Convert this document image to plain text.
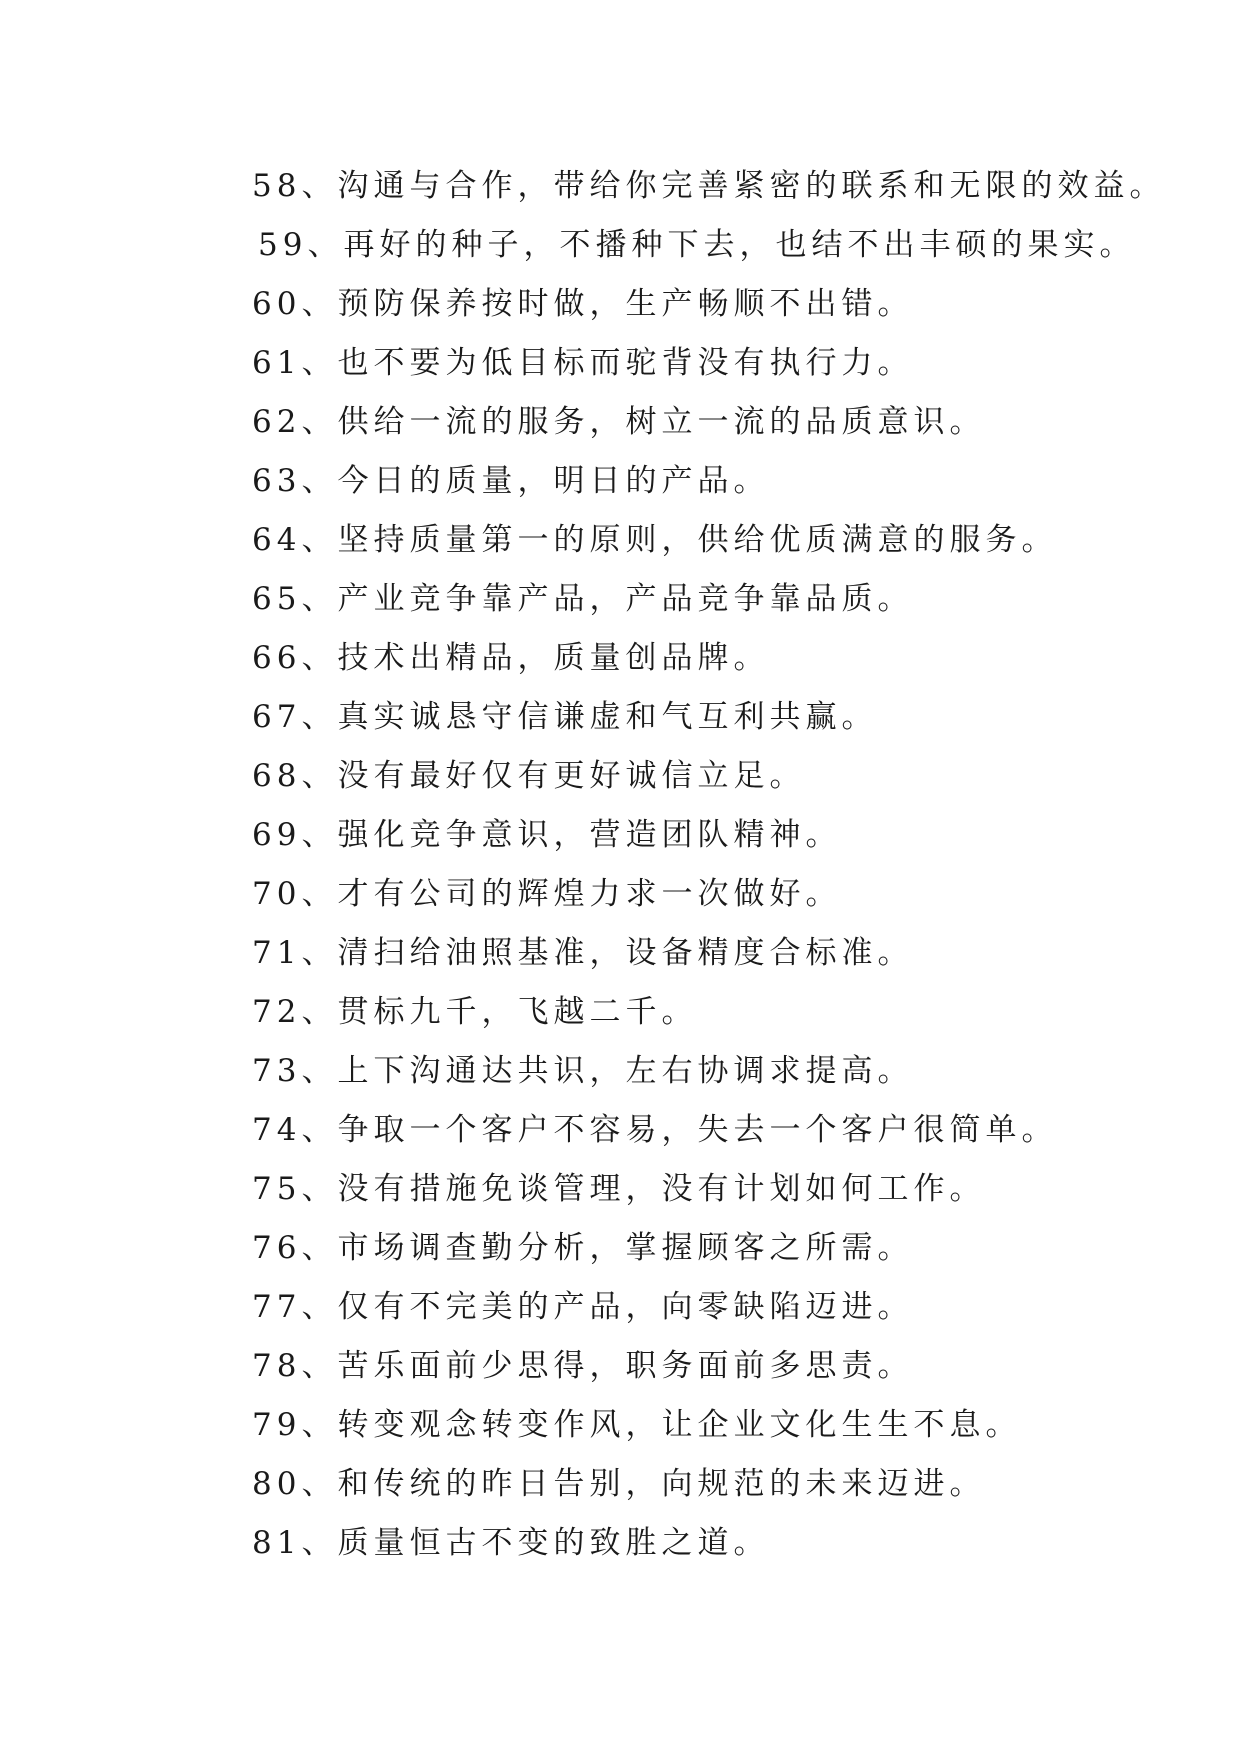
58、沟通与合作，带给你完善紧密的联系和无限的效益。
59、再好的种子，不播种下去，也结不出丰硕的果实。
60、预防保养按时做，生产畅顺不出错。
61、也不要为低目标而驼背没有执行力。
62、供给一流的服务，树立一流的品质意识。
63、今日的质量，明日的产品。
64、坚持质量第一的原则，供给优质满意的服务。
65、产业竞争靠产品，产品竞争靠品质。
66、技术出精品，质量创品牌。
67、真实诚恳守信谦虚和气互利共赢。
68、没有最好仅有更好诚信立足。
69、强化竞争意识，营造团队精神。
70、才有公司的辉煌力求一次做好。
71、清扫给油照基准，设备精度合标准。
72、贯标九千，飞越二千。
73、上下沟通达共识，左右协调求提高。
74、争取一个客户不容易，失去一个客户很简单。
75、没有措施免谈管理，没有计划如何工作。
76、市场调查勤分析，掌握顾客之所需。
77、仅有不完美的产品，向零缺陷迈进。
78、苦乐面前少思得，职务面前多思责。
79、转变观念转变作风，让企业文化生生不息。
80、和传统的昨日告别，向规范的未来迈进。
81、质量恒古不变的致胜之道。
